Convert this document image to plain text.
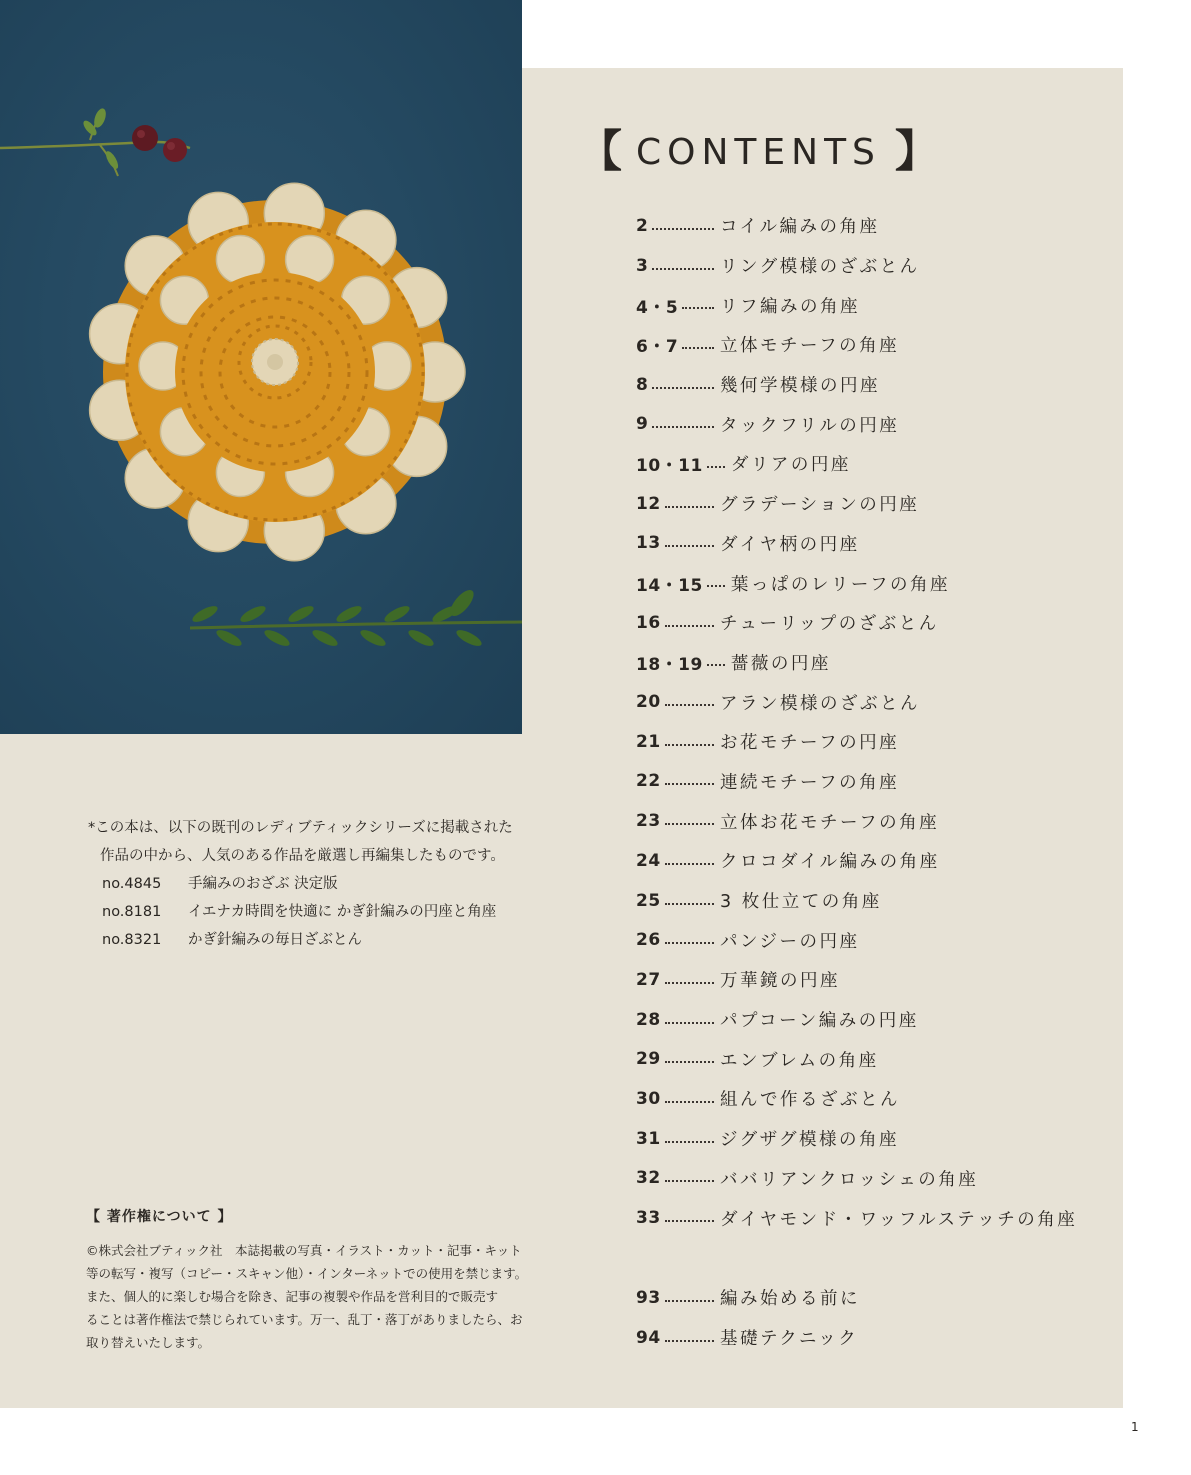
【 CONTENTS 】
2	コイル編みの角座
3	リング模様のざぶとん
4・5 リフ編みの角座
6・7 立体モチーフの角座
8	幾何学模様の円座
9	タックフリルの円座
10・11 ダリアの円座
12	グラデーションの円座
13	ダイヤ柄の円座
14・15 葉っぱのレリーフの角座
16	チューリップのざぶとん
18・19 薔薇の円座
20	アラン模様のざぶとん
21	お花モチーフの円座
22	連続モチーフの角座
23	立体お花モチーフの角座
24	クロコダイル編みの角座
25	3 枚仕立ての角座
26	パンジーの円座
27	万華鏡の円座
28	パプコーン編みの円座
29	エンブレムの角座
30	組んで作るざぶとん
31	ジグザグ模様の角座
32	ババリアンクロッシェの角座
33	ダイヤモンド・ワッフルステッチの角座
93	編み始める前に
94	基礎テクニック

*この本は、以下の既刊のレディブティックシリーズに掲載された

作品の中から、人気のある作品を厳選し再編集したものです。

no.4845	手編みのおざぶ 決定版
no.8181	イエナカ時間を快適に かぎ針編みの円座と角座
no.8321	かぎ針編みの毎日ざぶとん
【 著作権について 】

©株式会社ブティック社　本誌掲載の写真・イラスト・カット・記事・キット

等の転写・複写（コピー・スキャン他）・インターネットでの使用を禁じます。

また、個人的に楽しむ場合を除き、記事の複製や作品を営利目的で販売す

ることは著作権法で禁じられています。万一、乱丁・落丁がありましたら、お

取り替えいたします。

1
